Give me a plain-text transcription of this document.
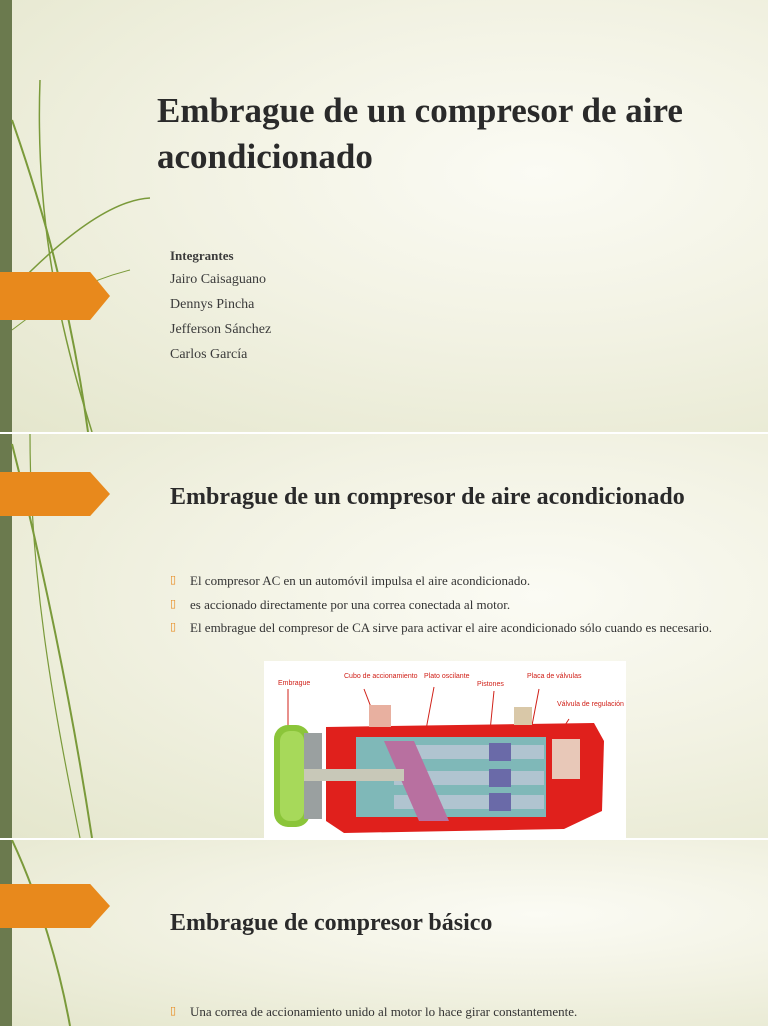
Embrague de un compresor de aire acondicionado
Integrantes
Jairo Caisaguano
Dennys Pincha
Jefferson Sánchez
Carlos García
Embrague de un compresor de aire acondicionado
▯ El compresor AC en un automóvil impulsa el aire acondicionado.
▯ es accionado directamente por una correa conectada al motor.
▯ El embrague del compresor de CA sirve para activar el aire acondicionado sólo cuando es necesario.
Embrague
Cubo de accionamiento Plato oscilante
Pistones
Placa de válvulas
Válvula de regulación
Embrague de compresor básico
▯ Una correa de accionamiento unido al motor lo hace girar constantemente.
